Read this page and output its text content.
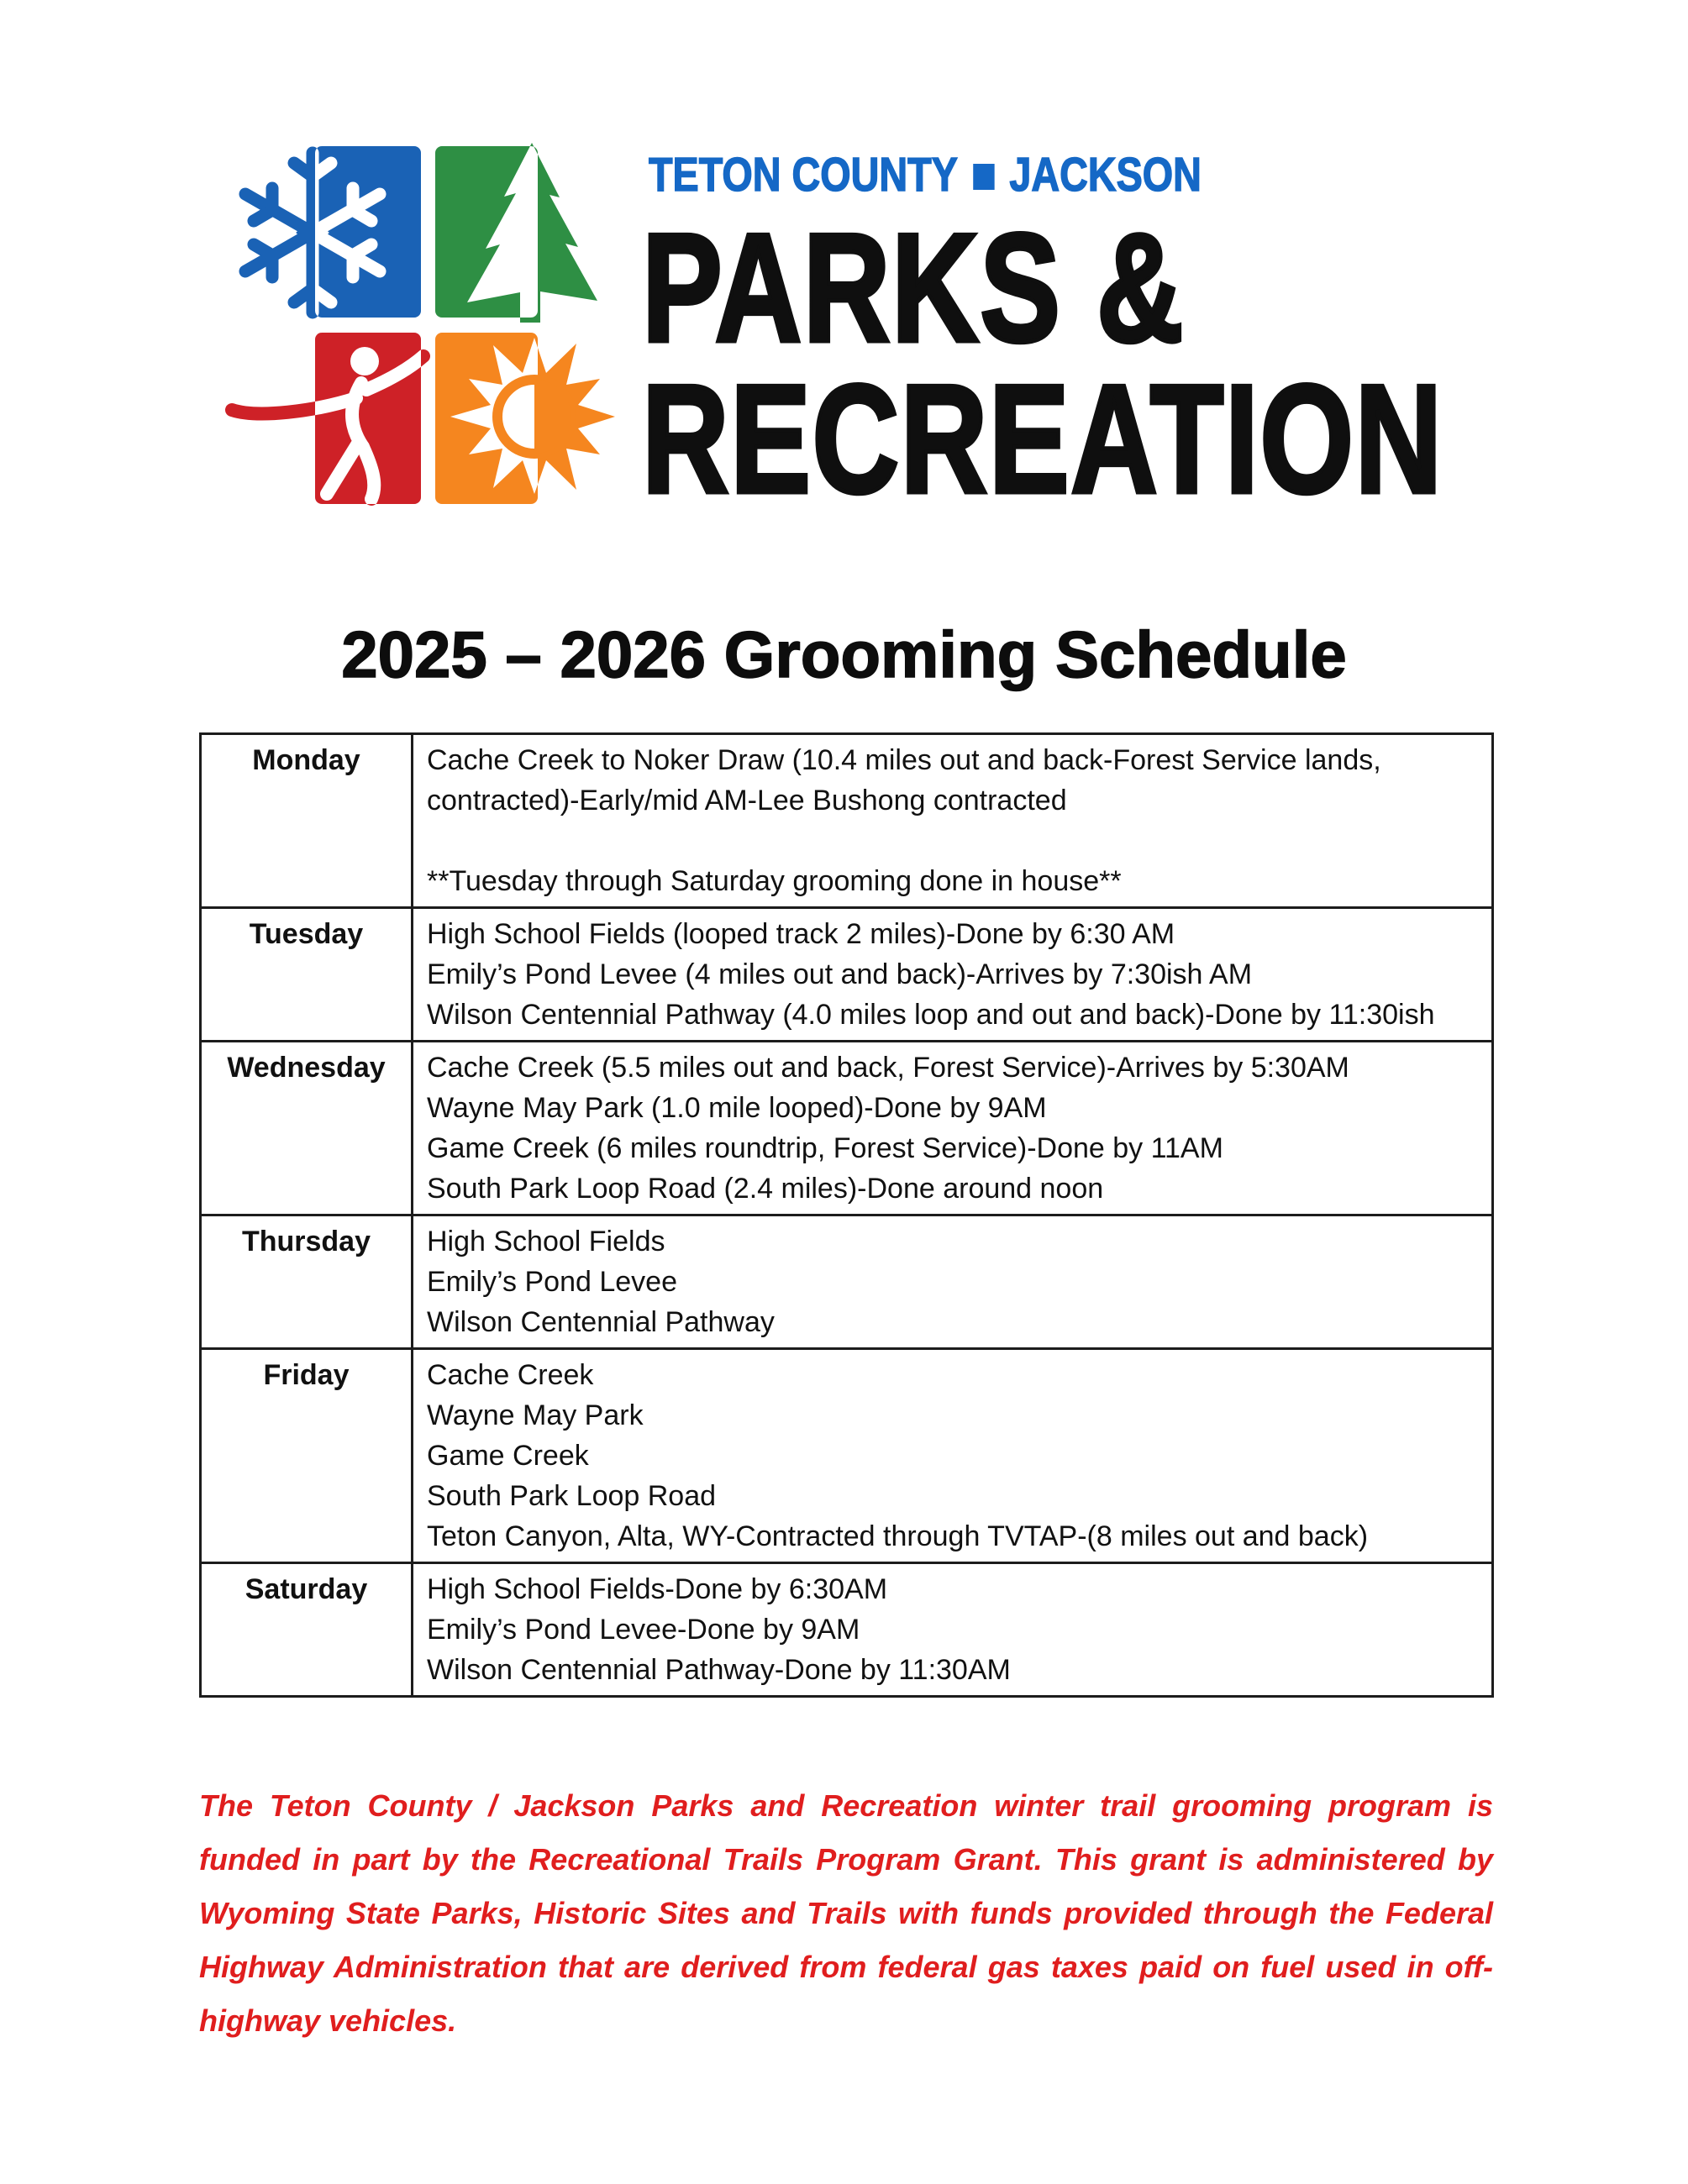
TETON COUNTY JACKSON
PARKS &
RECREATION
2025 – 2026 Grooming Schedule
Monday	Cache Creek to Noker Draw (10.4 miles out and back-Forest Service lands, contracted)-Early/mid AM-Lee Bushong contracted
**Tuesday through Saturday grooming done in house**

Tuesday	High School Fields (looped track 2 miles)-Done by 6:30 AM
Emily’s Pond Levee (4 miles out and back)-Arrives by 7:30ish AM
Wilson Centennial Pathway (4.0 miles loop and out and back)-Done by 11:30ish

Wednesday	Cache Creek (5.5 miles out and back, Forest Service)-Arrives by 5:30AM
Wayne May Park (1.0 mile looped)-Done by 9AM
Game Creek (6 miles roundtrip, Forest Service)-Done by 11AM
South Park Loop Road (2.4 miles)-Done around noon

Thursday	High School Fields
Emily’s Pond Levee
Wilson Centennial Pathway

Friday	Cache Creek
Wayne May Park
Game Creek
South Park Loop Road
Teton Canyon, Alta, WY-Contracted through TVTAP-(8 miles out and back)

Saturday	High School Fields-Done by 6:30AM
Emily’s Pond Levee-Done by 9AM
Wilson Centennial Pathway-Done by 11:30AM

The Teton County / Jackson Parks and Recreation winter trail grooming program is funded in part by the Recreational Trails Program Grant. This grant is administered by Wyoming State Parks, Historic Sites and Trails with funds provided through the Federal Highway Administration that are derived from federal gas taxes paid on fuel used in off-highway vehicles.
